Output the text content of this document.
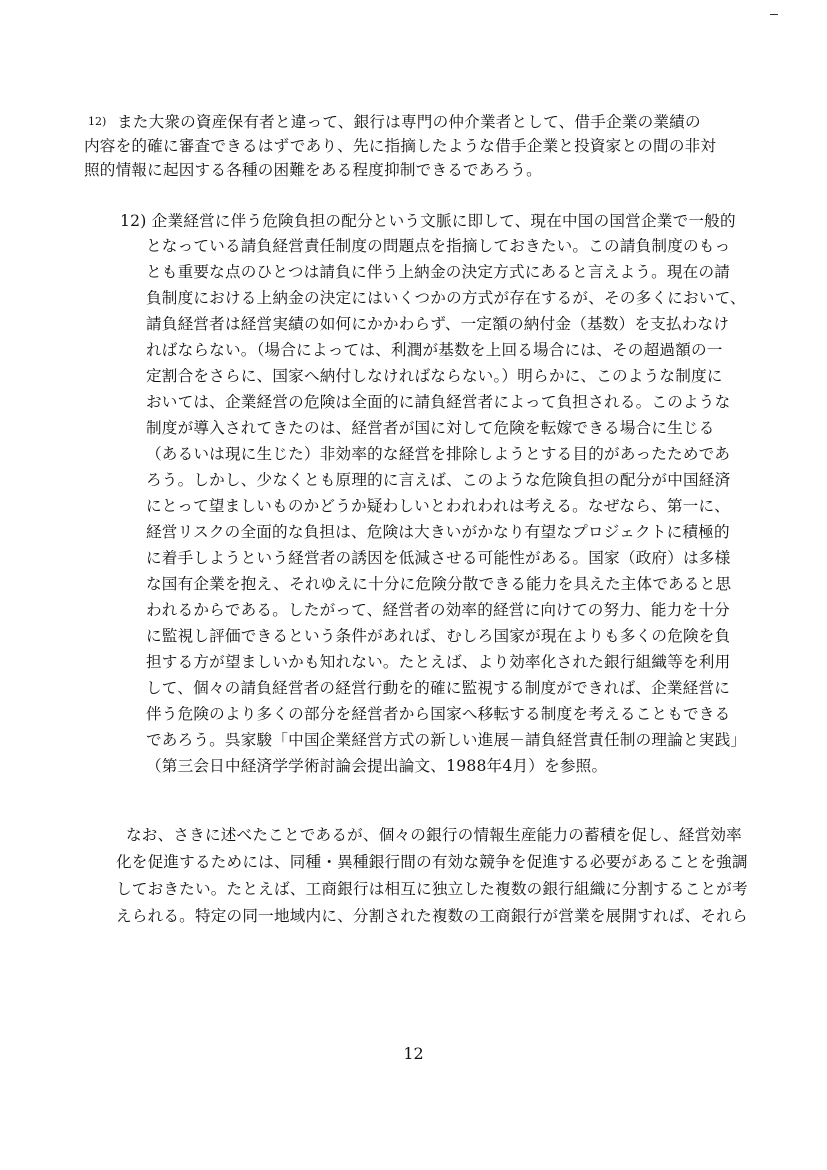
12) また大衆の資産保有者と違って、銀行は専門の仲介業者として、借手企業の業績の
内容を的確に審査できるはずであり、先に指摘したような借手企業と投資家との間の非対
照的情報に起因する各種の困難をある程度抑制できるであろう。
12) 企業経営に伴う危険負担の配分という文脈に即して、現在中国の国営企業で一般的
となっている請負経営責任制度の問題点を指摘しておきたい。この請負制度のもっ
とも重要な点のひとつは請負に伴う上納金の決定方式にあると言えよう。現在の請
負制度における上納金の決定にはいくつかの方式が存在するが、その多くにおいて、
請負経営者は経営実績の如何にかかわらず、一定額の納付金（基数）を支払わなけ
ればならない。（場合によっては、利潤が基数を上回る場合には、その超過額の一
定割合をさらに、国家へ納付しなければならない。）明らかに、このような制度に
おいては、企業経営の危険は全面的に請負経営者によって負担される。このような
制度が導入されてきたのは、経営者が国に対して危険を転嫁できる場合に生じる
（あるいは現に生じた）非効率的な経営を排除しようとする目的があったためであ
ろう。しかし、少なくとも原理的に言えば、このような危険負担の配分が中国経済
にとって望ましいものかどうか疑わしいとわれわれは考える。なぜなら、第一に、
経営リスクの全面的な負担は、危険は大きいがかなり有望なプロジェクトに積極的
に着手しようという経営者の誘因を低減させる可能性がある。国家（政府）は多様
な国有企業を抱え、それゆえに十分に危険分散できる能力を具えた主体であると思
われるからである。したがって、経営者の効率的経営に向けての努力、能力を十分
に監視し評価できるという条件があれば、むしろ国家が現在よりも多くの危険を負
担する方が望ましいかも知れない。たとえば、より効率化された銀行組織等を利用
して、個々の請負経営者の経営行動を的確に監視する制度ができれば、企業経営に
伴う危険のより多くの部分を経営者から国家へ移転する制度を考えることもできる
であろう。呉家駿「中国企業経営方式の新しい進展－請負経営責任制の理論と実践」
（第三会日中経済学学術討論会提出論文、1988年4月）を参照。
なお、さきに述べたことであるが、個々の銀行の情報生産能力の蓄積を促し、経営効率
化を促進するためには、同種・異種銀行間の有効な競争を促進する必要があることを強調
しておきたい。たとえば、工商銀行は相互に独立した複数の銀行組織に分割することが考
えられる。特定の同一地域内に、分割された複数の工商銀行が営業を展開すれば、それら
12
